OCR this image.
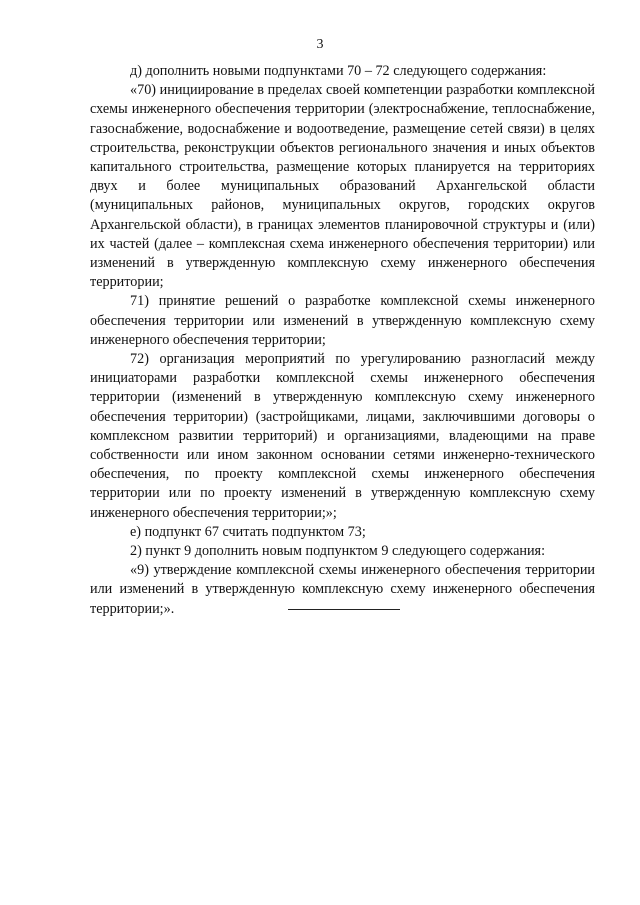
3

д) дополнить новыми подпунктами 70 – 72 следующего содержания:

«70) инициирование в пределах своей компетенции разработки комплексной схемы инженерного обеспечения территории (электроснабжение, теплоснабжение, газоснабжение, водоснабжение и водоотведение, размещение сетей связи) в целях строительства, реконструкции объектов регионального значения и иных объектов капитального строительства, размещение которых планируется на территориях двух и более муниципальных образований Архангельской области (муниципальных районов, муниципальных округов, городских округов Архангельской области), в границах элементов планировочной структуры и (или) их частей (далее – комплексная схема инженерного обеспечения территории) или изменений в утвержденную комплексную схему инженерного обеспечения территории;

71) принятие решений о разработке комплексной схемы инженерного обеспечения территории или изменений в утвержденную комплексную схему инженерного обеспечения территории;

72) организация мероприятий по урегулированию разногласий между инициаторами разработки комплексной схемы инженерного обеспечения территории (изменений в утвержденную комплексную схему инженерного обеспечения территории) (застройщиками, лицами, заключившими договоры о комплексном развитии территорий) и организациями, владеющими на праве собственности или ином законном основании сетями инженерно-технического обеспечения, по проекту комплексной схемы инженерного обеспечения территории или по проекту изменений в утвержденную комплексную схему инженерного обеспечения территории;»;

е) подпункт 67 считать подпунктом 73;

2) пункт 9 дополнить новым подпунктом 9 следующего содержания:

«9) утверждение комплексной схемы инженерного обеспечения территории или изменений в утвержденную комплексную схему инженерного обеспечения территории;».
